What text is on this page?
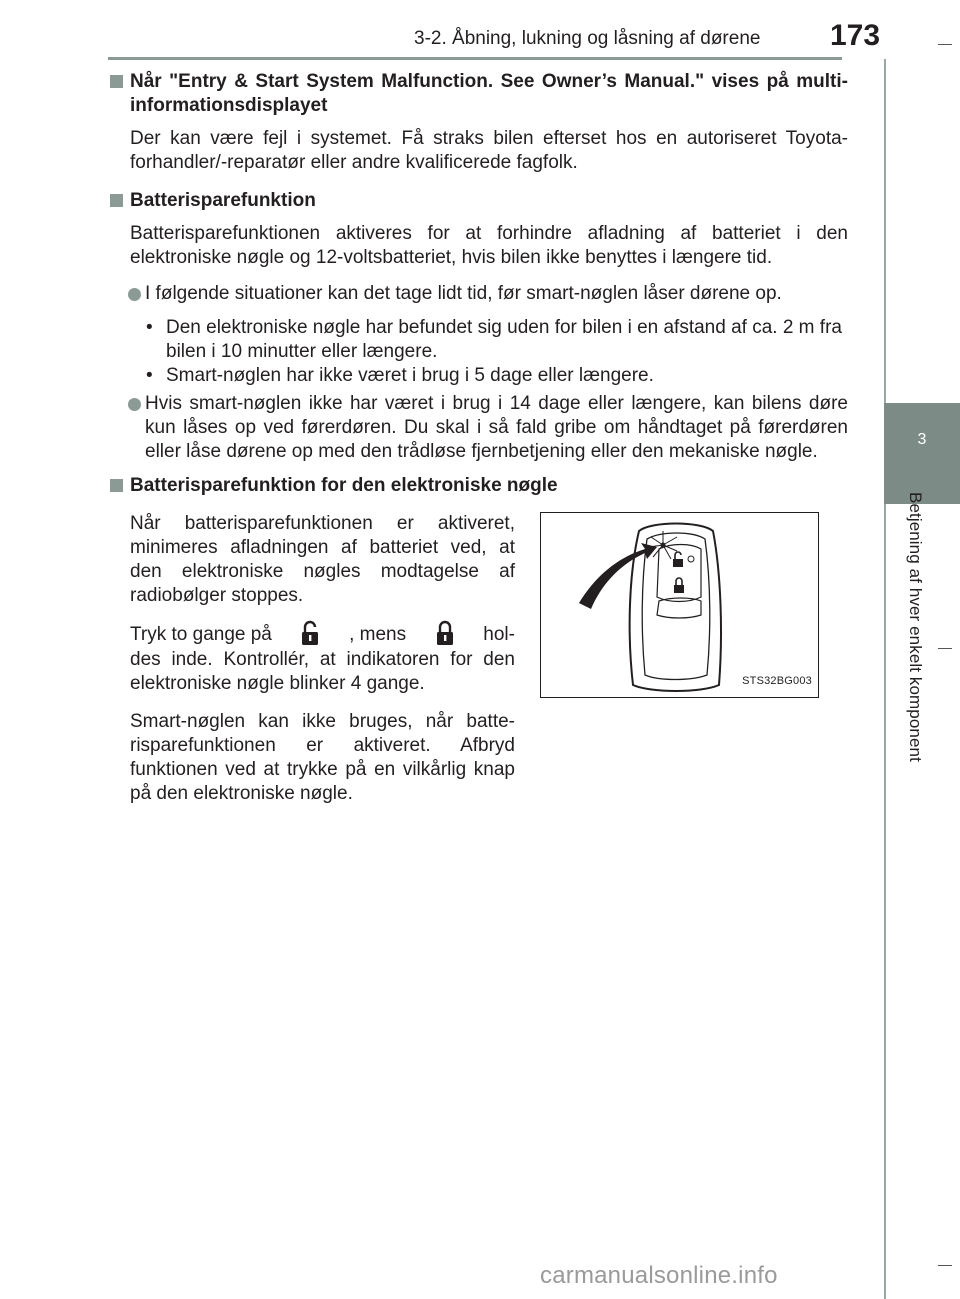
3-2. Åbning, lukning og låsning af dørene 173
3
Betjening af hver enkelt komponent
Når "Entry & Start System Malfunction. See Owner’s Manual." vises på multi-informationsdisplayet
Der kan være fejl i systemet. Få straks bilen efterset hos en autoriseret Toyota-forhandler/-reparatør eller andre kvalificerede fagfolk.
Batterisparefunktion
Batterisparefunktionen aktiveres for at forhindre afladning af batteriet i den elektroniske nøgle og 12-voltsbatteriet, hvis bilen ikke benyttes i længere tid.
I følgende situationer kan det tage lidt tid, før smart-nøglen låser dørene op.
• Den elektroniske nøgle har befundet sig uden for bilen i en afstand af ca. 2 m fra bilen i 10 minutter eller længere.
• Smart-nøglen har ikke været i brug i 5 dage eller længere.
Hvis smart-nøglen ikke har været i brug i 14 dage eller længere, kan bilens døre kun låses op ved førerdøren. Du skal i så fald gribe om håndtaget på førerdøren eller låse dørene op med den trådløse fjernbetjening eller den mekaniske nøgle.
Batterisparefunktion for den elektroniske nøgle
Når batterisparefunktionen er aktiveret, minimeres afladningen af batteriet ved, at den elektroniske nøgles modtagelse af radiobølger stoppes.
Tryk to gange på	, mens	hol-
des inde. Kontrollér, at indikatoren for den elektroniske nøgle blinker 4 gange.
Smart-nøglen kan ikke bruges, når batte-risparefunktionen er aktiveret. Afbryd funktionen ved at trykke på en vilkårlig knap på den elektroniske nøgle.
STS32BG003
carmanualsonline.info
